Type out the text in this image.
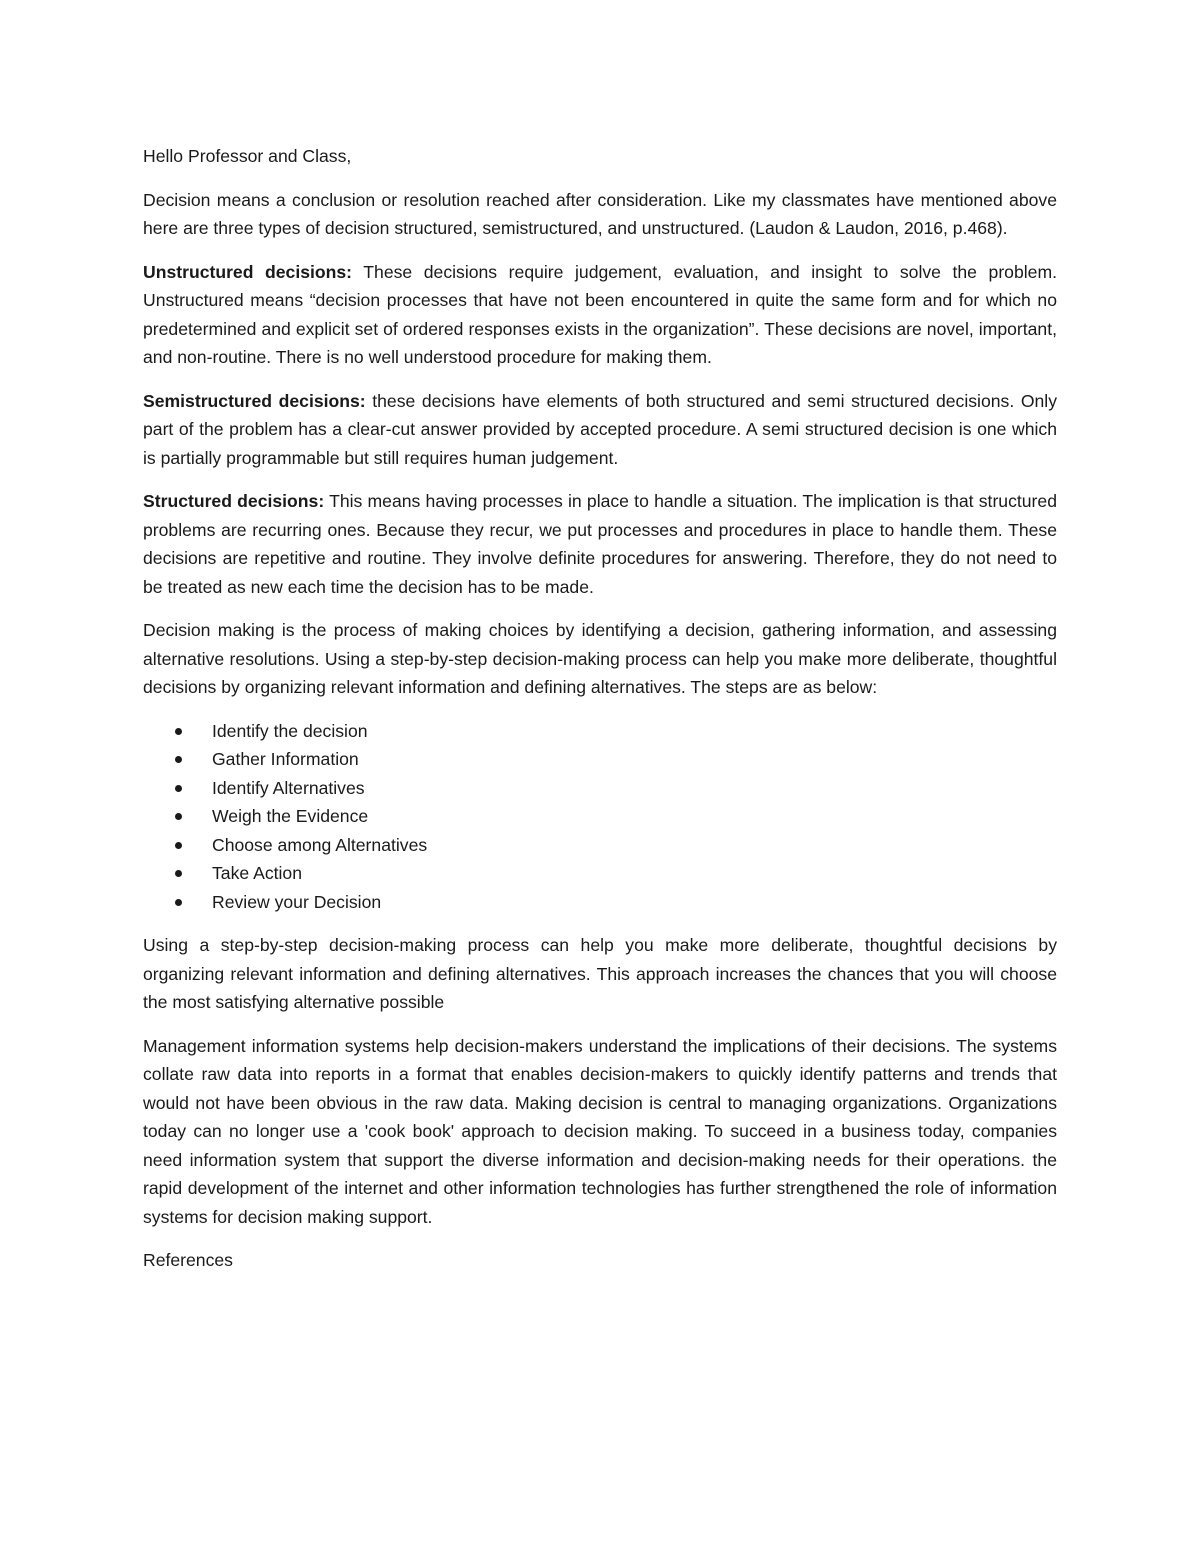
Hello Professor and Class,

Decision means a conclusion or resolution reached after consideration. Like my classmates have mentioned above here are three types of decision structured, semistructured, and unstructured. (Laudon & Laudon, 2016, p.468).

Unstructured decisions: These decisions require judgement, evaluation, and insight to solve the problem. Unstructured means “decision processes that have not been encountered in quite the same form and for which no predetermined and explicit set of ordered responses exists in the organization”. These decisions are novel, important, and non-routine. There is no well understood procedure for making them.

Semistructured decisions: these decisions have elements of both structured and semi structured decisions. Only part of the problem has a clear-cut answer provided by accepted procedure. A semi structured decision is one which is partially programmable but still requires human judgement.

Structured decisions: This means having processes in place to handle a situation. The implication is that structured problems are recurring ones. Because they recur, we put processes and procedures in place to handle them. These decisions are repetitive and routine. They involve definite procedures for answering. Therefore, they do not need to be treated as new each time the decision has to be made.

Decision making is the process of making choices by identifying a decision, gathering information, and assessing alternative resolutions. Using a step-by-step decision-making process can help you make more deliberate, thoughtful decisions by organizing relevant information and defining alternatives. The steps are as below:

Identify the decision
Gather Information
Identify Alternatives
Weigh the Evidence
Choose among Alternatives
Take Action
Review your Decision

Using a step-by-step decision-making process can help you make more deliberate, thoughtful decisions by organizing relevant information and defining alternatives. This approach increases the chances that you will choose the most satisfying alternative possible

Management information systems help decision-makers understand the implications of their decisions. The systems collate raw data into reports in a format that enables decision-makers to quickly identify patterns and trends that would not have been obvious in the raw data. Making decision is central to managing organizations. Organizations today can no longer use a 'cook book' approach to decision making. To succeed in a business today, companies need information system that support the diverse information and decision-making needs for their operations. the rapid development of the internet and other information technologies has further strengthened the role of information systems for decision making support.

References
